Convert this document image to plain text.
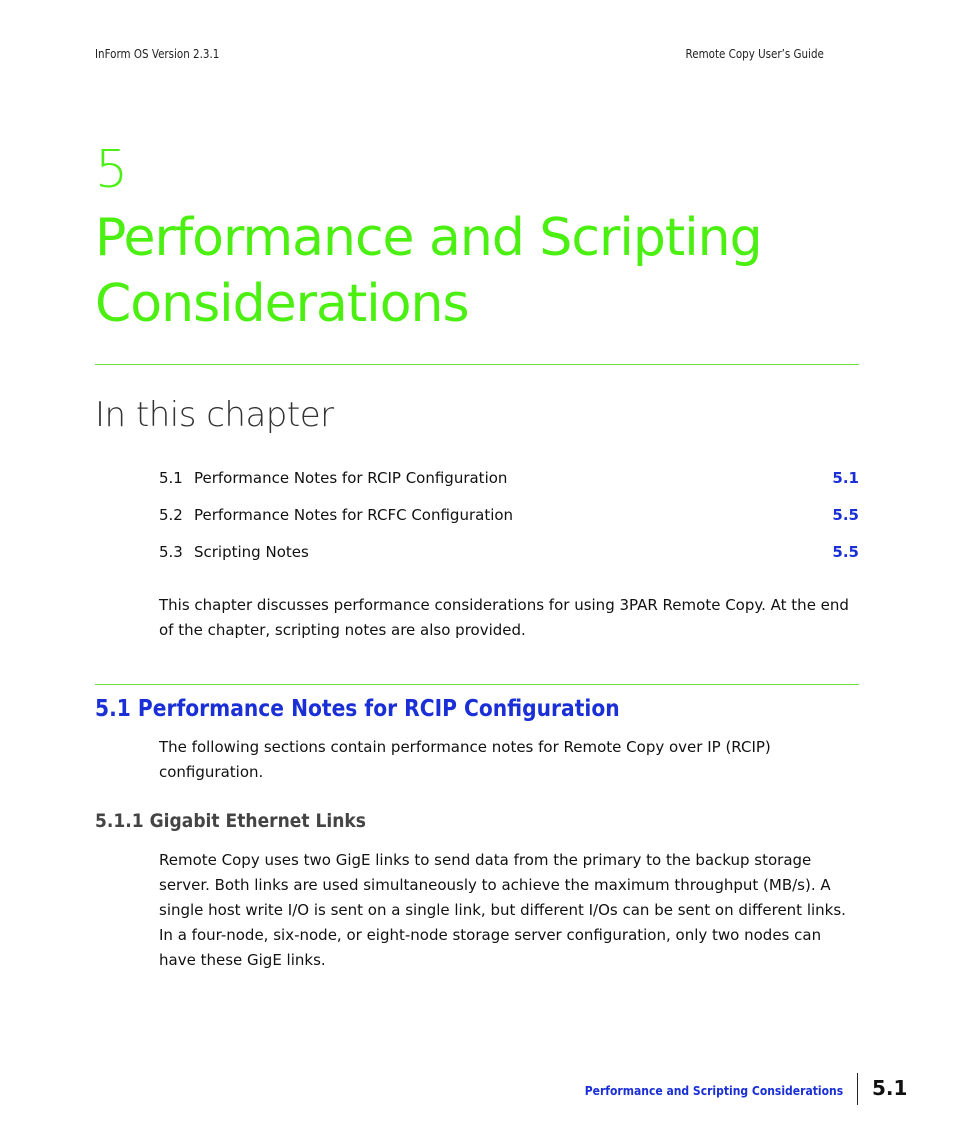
InForm OS Version 2.3.1	Remote Copy User’s Guide
5
Performance and Scripting Considerations
In this chapter
5.1 Performance Notes for RCIP Configuration	5.1
5.2 Performance Notes for RCFC Configuration	5.5
5.3 Scripting Notes	5.5
This chapter discusses performance considerations for using 3PAR Remote Copy. At the end of the chapter, scripting notes are also provided.
5.1 Performance Notes for RCIP Configuration
The following sections contain performance notes for Remote Copy over IP (RCIP) configuration.
5.1.1 Gigabit Ethernet Links
Remote Copy uses two GigE links to send data from the primary to the backup storage server. Both links are used simultaneously to achieve the maximum throughput (MB/s). A single host write I/O is sent on a single link, but different I/Os can be sent on different links. In a four-node, six-node, or eight-node storage server configuration, only two nodes can have these GigE links.
Performance and Scripting Considerations 5.1
